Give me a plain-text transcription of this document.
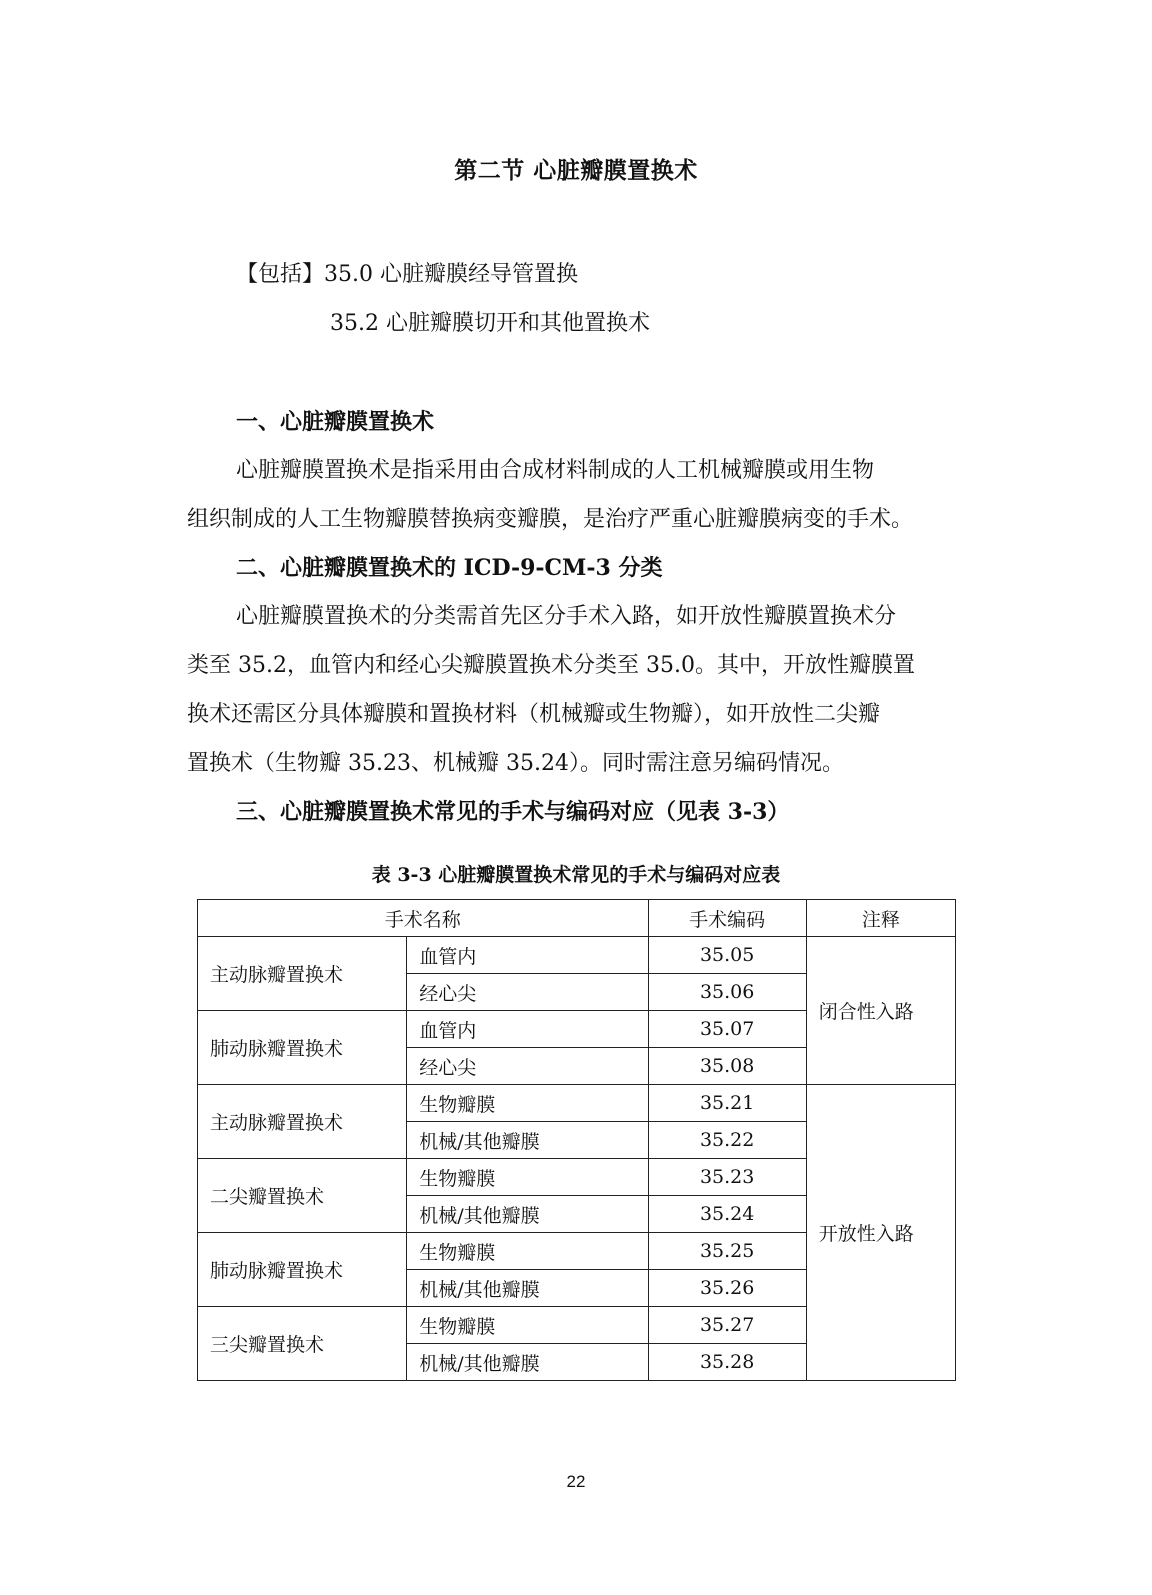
第二节 心脏瓣膜置换术
【包括】35.0 心脏瓣膜经导管置换
35.2 心脏瓣膜切开和其他置换术
一、心脏瓣膜置换术
心脏瓣膜置换术是指采用由合成材料制成的人工机械瓣膜或用生物
组织制成的人工生物瓣膜替换病变瓣膜，是治疗严重心脏瓣膜病变的手术。
二、心脏瓣膜置换术的 ICD-9-CM-3 分类
心脏瓣膜置换术的分类需首先区分手术入路，如开放性瓣膜置换术分
类至 35.2，血管内和经心尖瓣膜置换术分类至 35.0。其中，开放性瓣膜置
换术还需区分具体瓣膜和置换材料（机械瓣或生物瓣），如开放性二尖瓣
置换术（生物瓣 35.23、机械瓣 35.24）。同时需注意另编码情况。
三、心脏瓣膜置换术常见的手术与编码对应（见表 3-3）
表 3-3 心脏瓣膜置换术常见的手术与编码对应表
手术名称		手术编码	注释
主动脉瓣置换术	血管内	35.05	闭合性入路
	经心尖	35.06	
肺动脉瓣置换术	血管内	35.07	
	经心尖	35.08	
主动脉瓣置换术	生物瓣膜	35.21	开放性入路
	机械/其他瓣膜	35.22	
二尖瓣置换术	生物瓣膜	35.23	
	机械/其他瓣膜	35.24	
肺动脉瓣置换术	生物瓣膜	35.25	
	机械/其他瓣膜	35.26	
三尖瓣置换术	生物瓣膜	35.27	
	机械/其他瓣膜	35.28	
22
